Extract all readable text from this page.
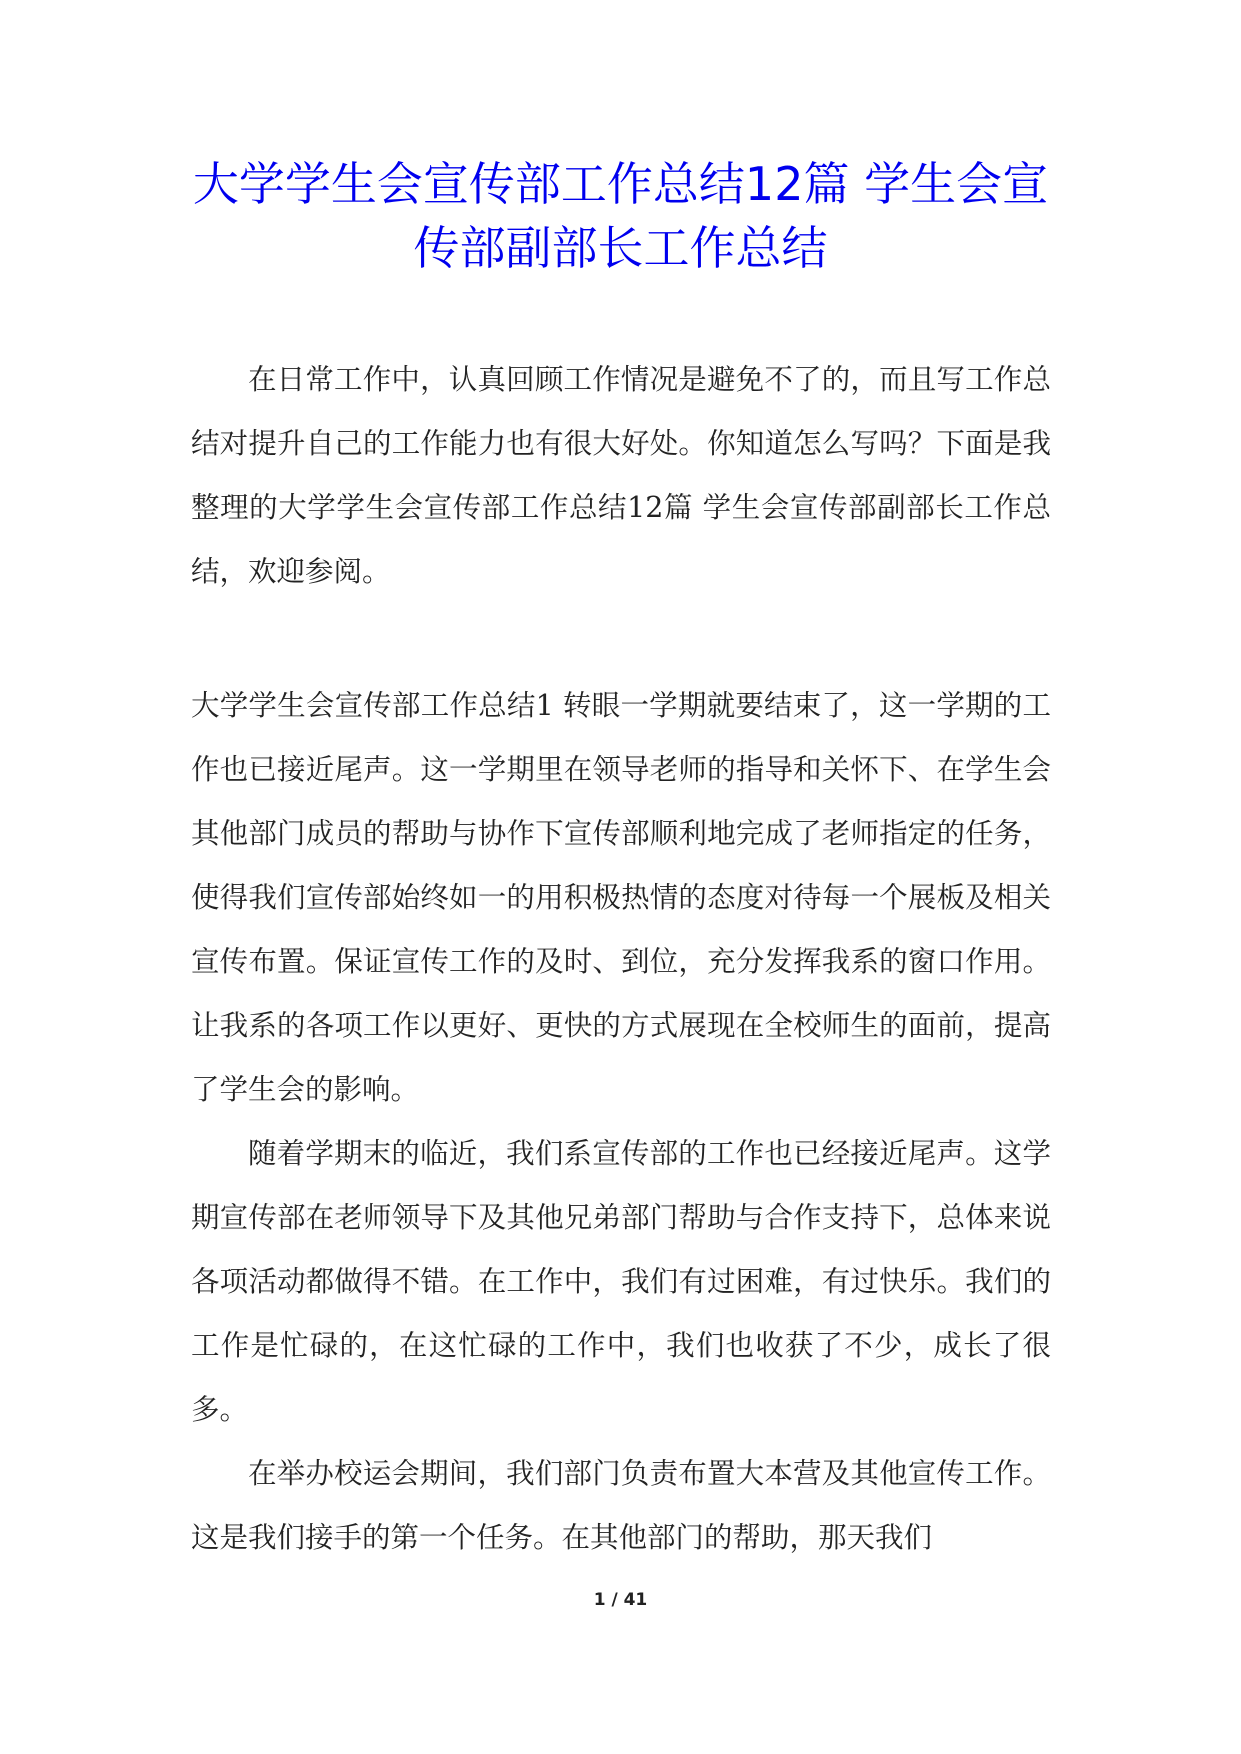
大学学生会宣传部工作总结12篇 学生会宣
传部副部长工作总结

在日常工作中，认真回顾工作情况是避免不了的，而且写工作总结对提升自己的工作能力也有很大好处。你知道怎么写吗？下面是我整理的大学学生会宣传部工作总结12篇 学生会宣传部副部长工作总结，欢迎参阅。

大学学生会宣传部工作总结1 转眼一学期就要结束了，这一学期的工作也已接近尾声。这一学期里在领导老师的指导和关怀下、在学生会其他部门成员的帮助与协作下宣传部顺利地完成了老师指定的任务，使得我们宣传部始终如一的用积极热情的态度对待每一个展板及相关宣传布置。保证宣传工作的及时、到位，充分发挥我系的窗口作用。让我系的各项工作以更好、更快的方式展现在全校师生的面前，提高了学生会的影响。

随着学期末的临近，我们系宣传部的工作也已经接近尾声。这学期宣传部在老师领导下及其他兄弟部门帮助与合作支持下，总体来说各项活动都做得不错。在工作中，我们有过困难，有过快乐。我们的工作是忙碌的，在这忙碌的工作中，我们也收获了不少，成长了很多。

在举办校运会期间，我们部门负责布置大本营及其他宣传工作。这是我们接手的第一个任务。在其他部门的帮助，那天我们

1 / 41
